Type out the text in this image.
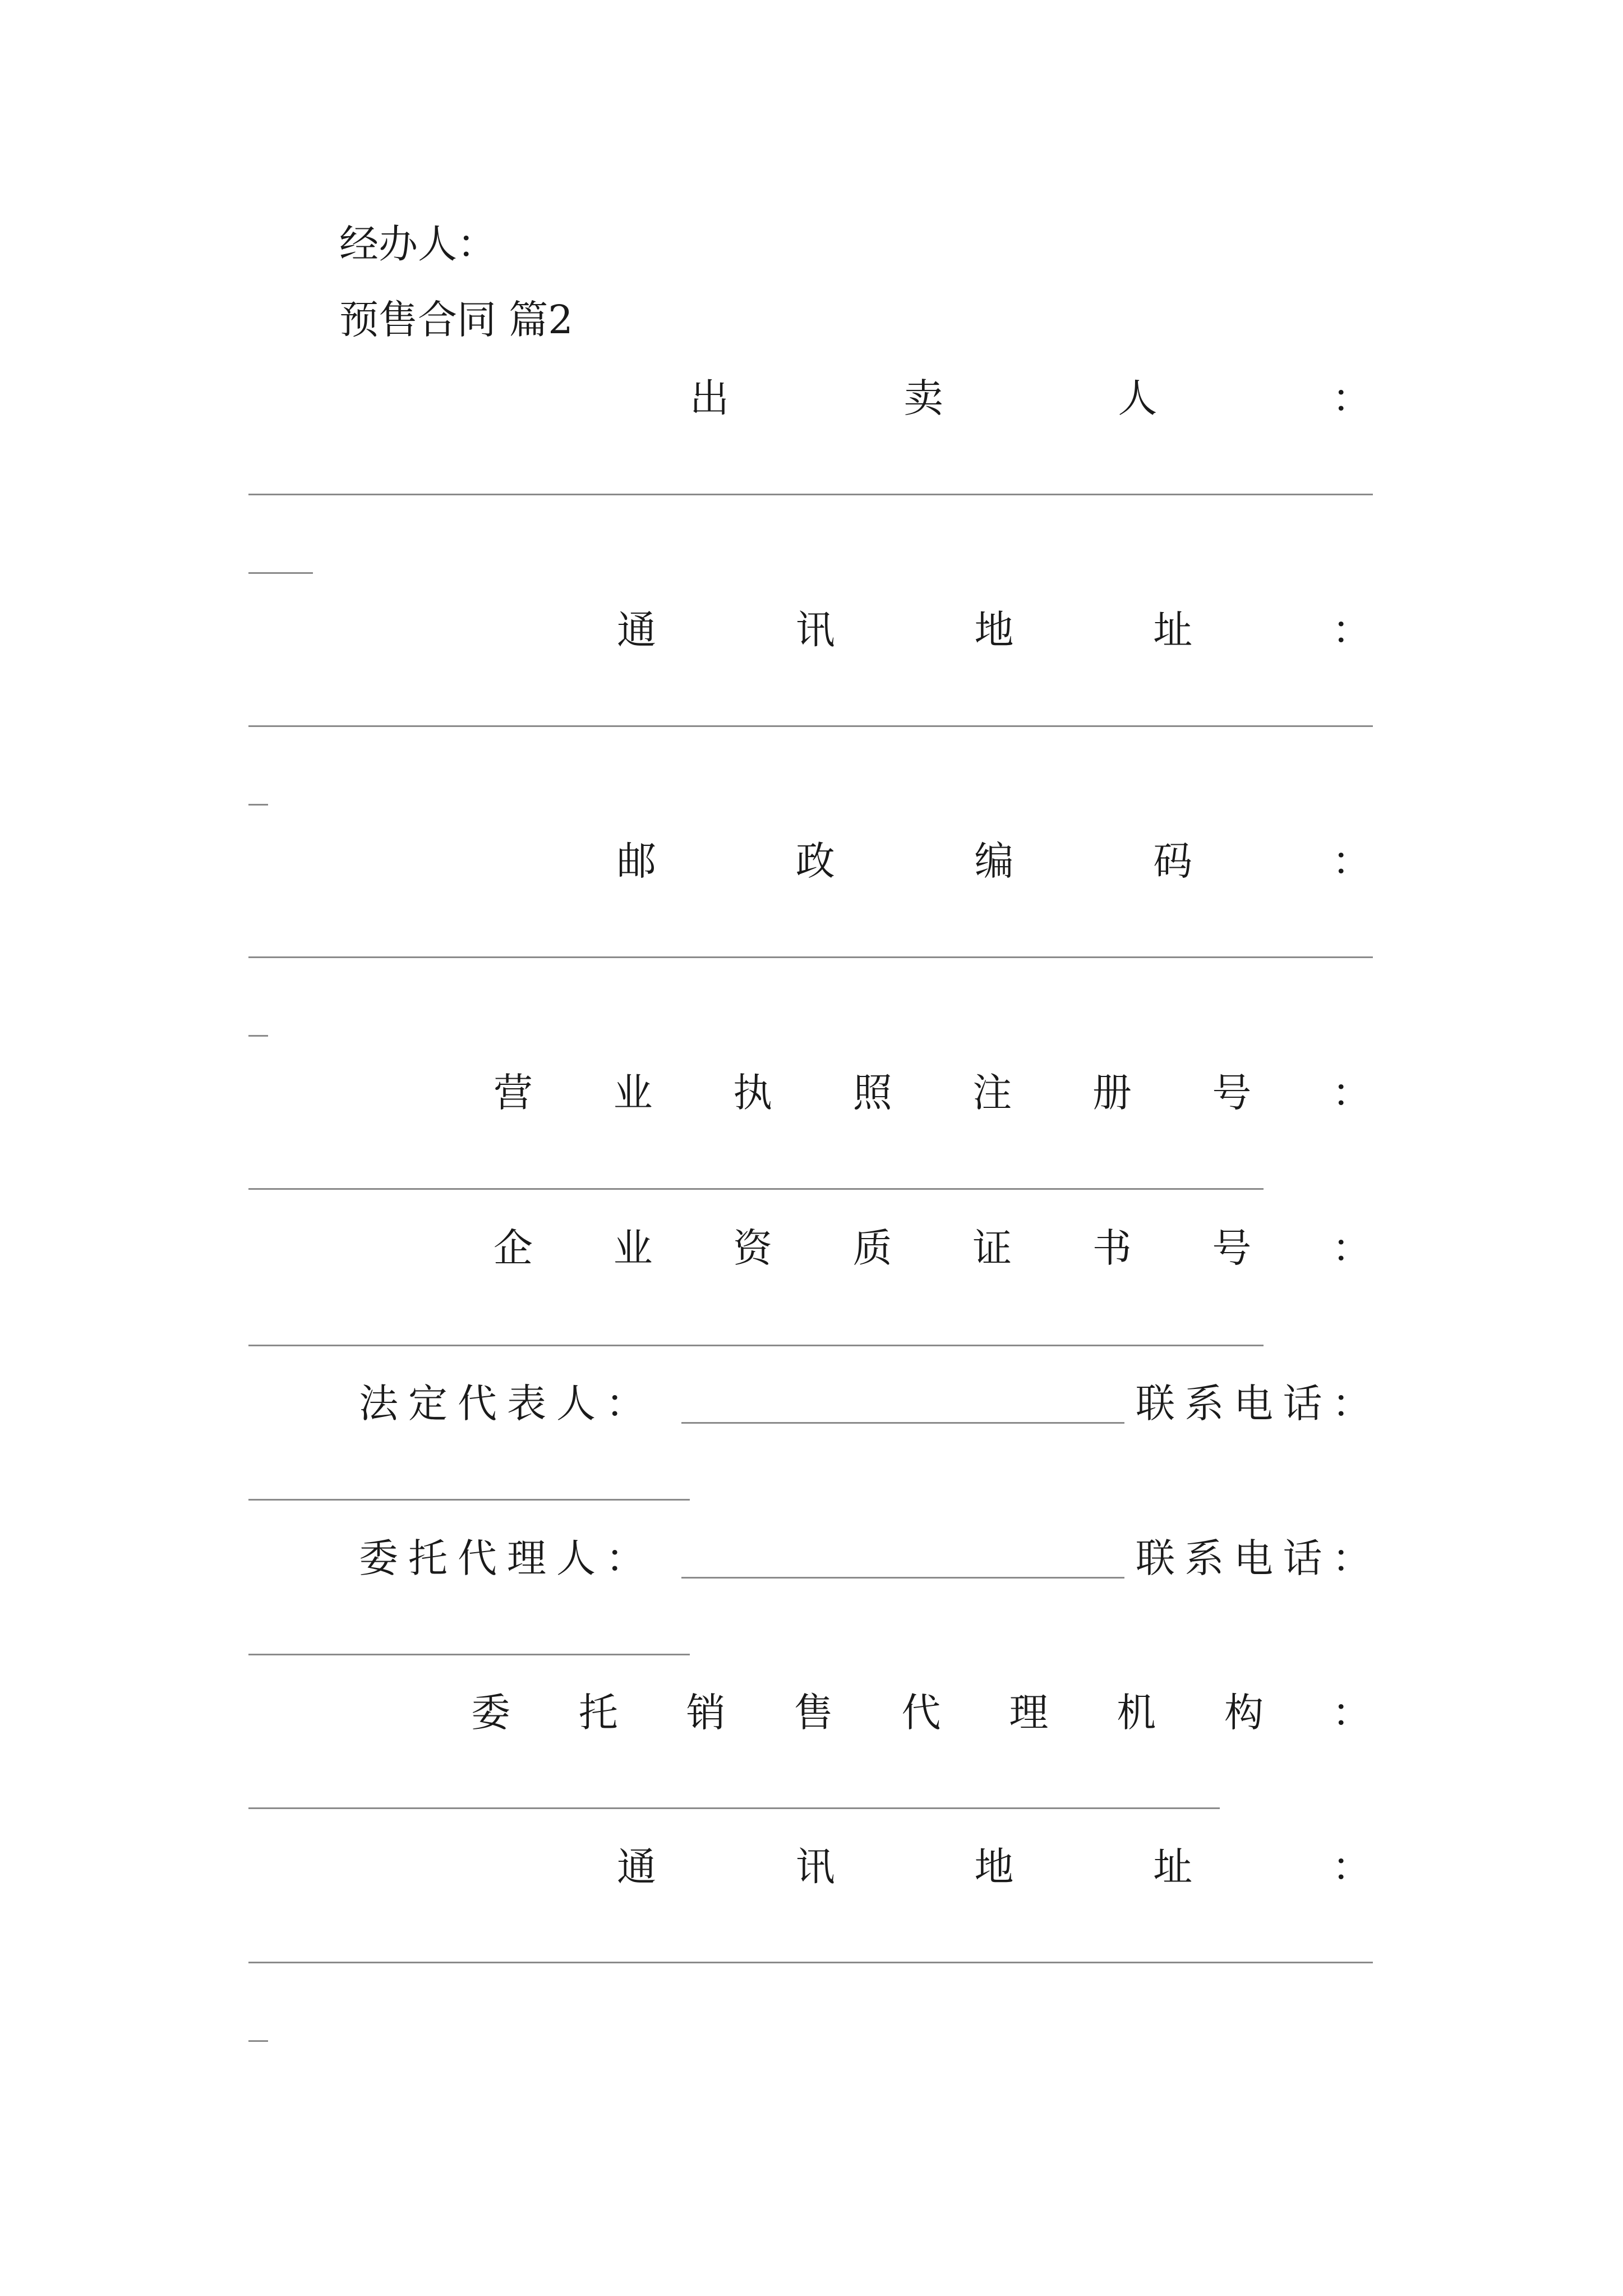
经办人：
预售合同 篇2
出	卖	人	：
通	讯	地	址	：
邮	政	编	码	：
营 业 执 照 注 册 号 ：
企 业 资 质 证 书 号 ：
法 定 代 表 人 ：	联 系 电 话 ：
委 托 代 理 人 ：	联 系 电 话 ：
委 托 销 售 代 理 机 构 ：
通	讯	地	址	：
